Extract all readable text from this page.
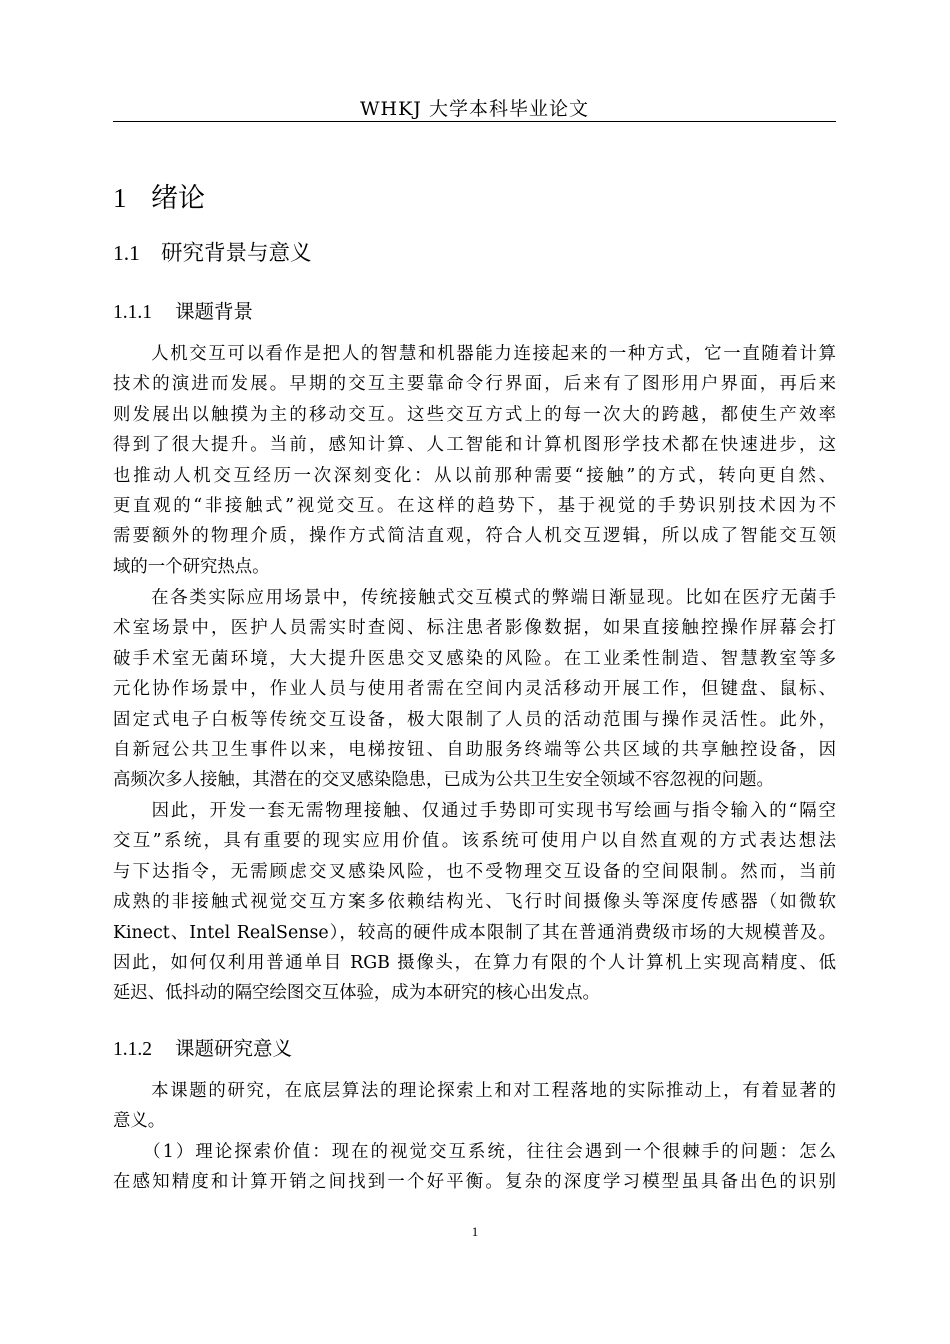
WHKJ 大学本科毕业论文
1 绪论
1.1 研究背景与意义
1.1.1 课题背景
　　人机交互可以看作是把人的智慧和机器能力连接起来的一种方式，它一直随着计算
技术的演进而发展。早期的交互主要靠命令行界面，后来有了图形用户界面，再后来
则发展出以触摸为主的移动交互。这些交互方式上的每一次大的跨越，都使生产效率
得到了很大提升。当前，感知计算、人工智能和计算机图形学技术都在快速进步，这
也推动人机交互经历一次深刻变化：从以前那种需要“接触”的方式，转向更自然、
更直观的“非接触式”视觉交互。在这样的趋势下，基于视觉的手势识别技术因为不
需要额外的物理介质，操作方式简洁直观，符合人机交互逻辑，所以成了智能交互领
域的一个研究热点。
　　在各类实际应用场景中，传统接触式交互模式的弊端日渐显现。比如在医疗无菌手
术室场景中，医护人员需实时查阅、标注患者影像数据，如果直接触控操作屏幕会打
破手术室无菌环境，大大提升医患交叉感染的风险。在工业柔性制造、智慧教室等多
元化协作场景中，作业人员与使用者需在空间内灵活移动开展工作，但键盘、鼠标、
固定式电子白板等传统交互设备，极大限制了人员的活动范围与操作灵活性。此外，
自新冠公共卫生事件以来，电梯按钮、自助服务终端等公共区域的共享触控设备，因
高频次多人接触，其潜在的交叉感染隐患，已成为公共卫生安全领域不容忽视的问题。
　　因此，开发一套无需物理接触、仅通过手势即可实现书写绘画与指令输入的“隔空
交互”系统，具有重要的现实应用价值。该系统可使用户以自然直观的方式表达想法
与下达指令，无需顾虑交叉感染风险，也不受物理交互设备的空间限制。然而，当前
成熟的非接触式视觉交互方案多依赖结构光、飞行时间摄像头等深度传感器（如微软
Kinect、Intel RealSense），较高的硬件成本限制了其在普通消费级市场的大规模普及。
因此，如何仅利用普通单目 RGB 摄像头，在算力有限的个人计算机上实现高精度、低
延迟、低抖动的隔空绘图交互体验，成为本研究的核心出发点。
1.1.2 课题研究意义
　　本课题的研究，在底层算法的理论探索上和对工程落地的实际推动上，有着显著的
意义。
　　（1）理论探索价值：现在的视觉交互系统，往往会遇到一个很棘手的问题：怎么
在感知精度和计算开销之间找到一个好平衡。复杂的深度学习模型虽具备出色的识别
1
